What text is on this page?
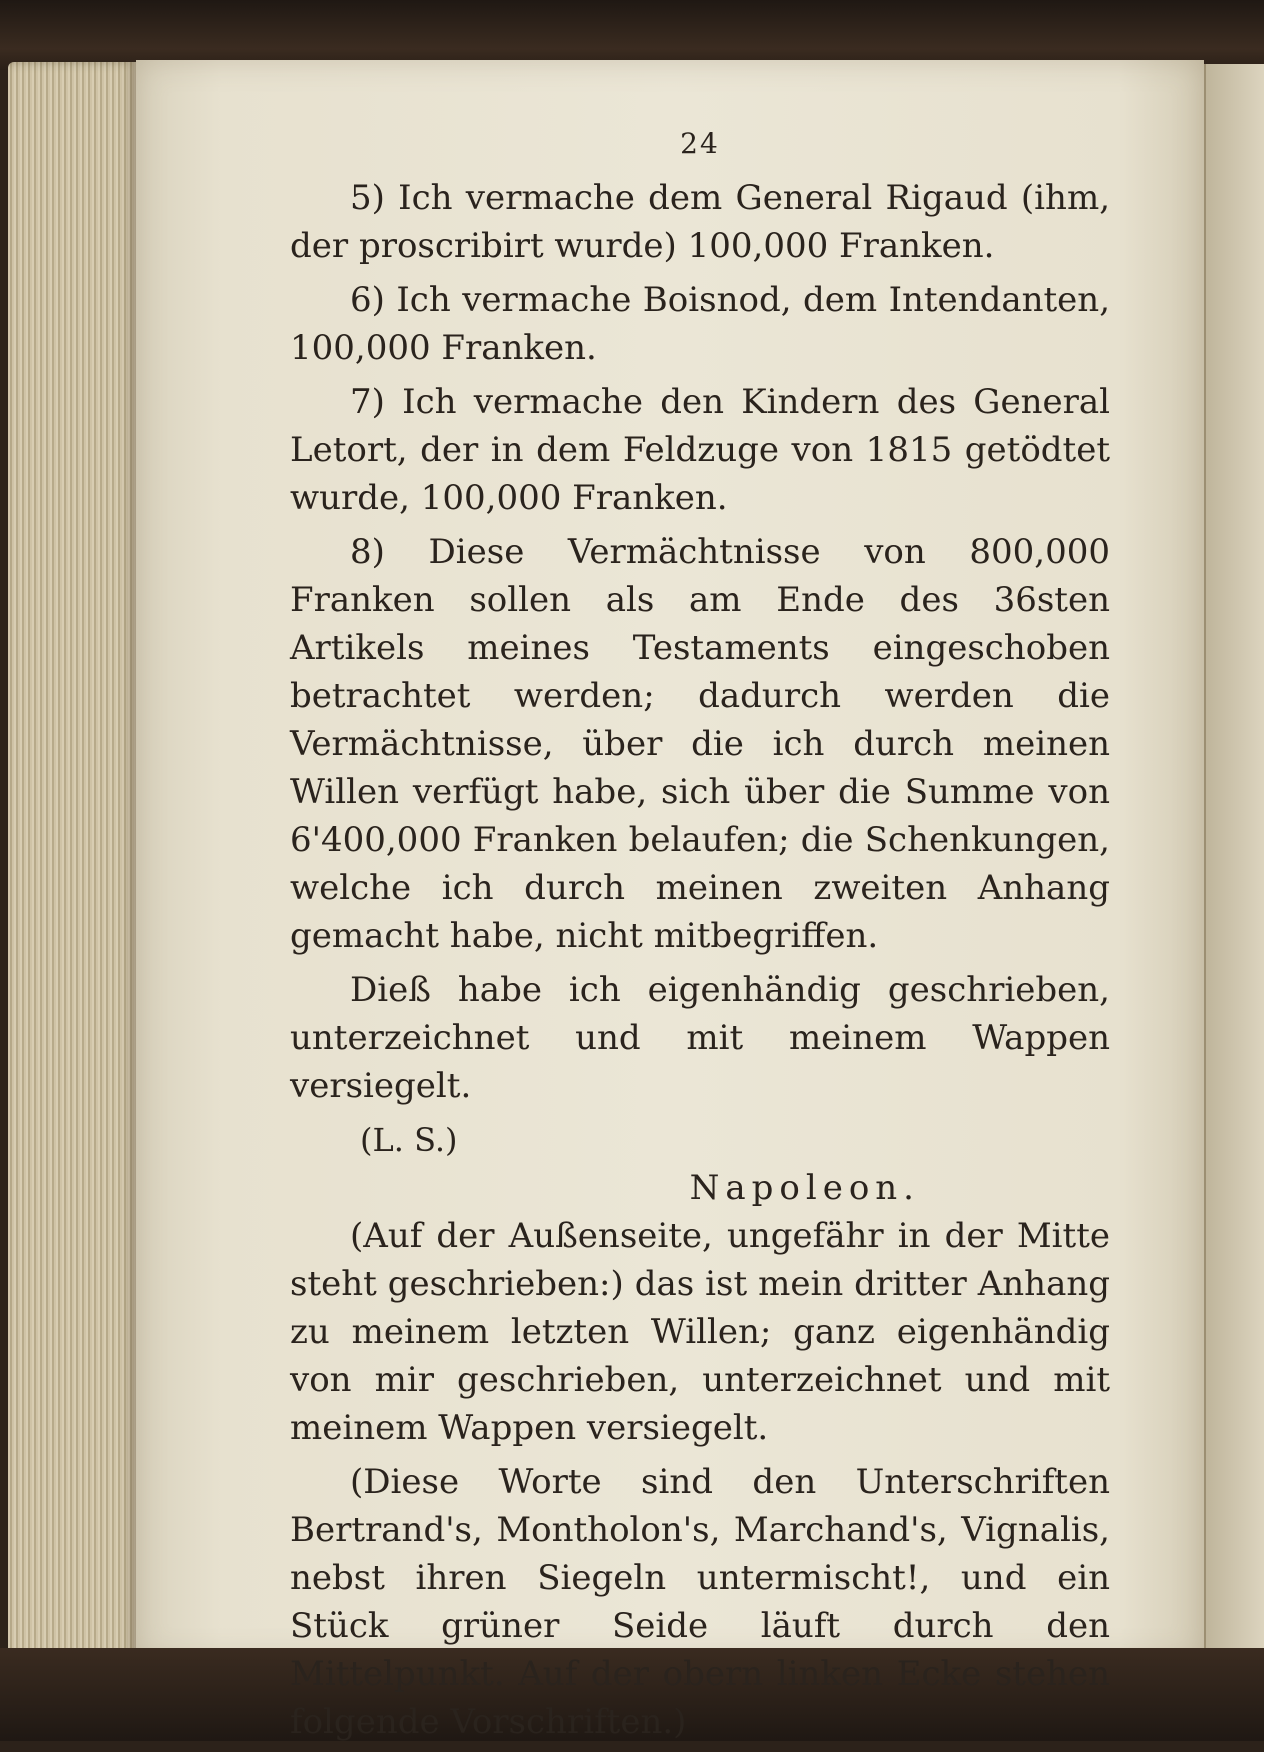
24

5) Ich vermache dem General Rigaud (ihm, der proscribirt wurde) 100,000 Franken.

6) Ich vermache Boisnod, dem Intendanten, 100,000 Franken.

7) Ich vermache den Kindern des General Letort, der in dem Feldzuge von 1815 getödtet wurde, 100,000 Franken.

8) Diese Vermächtnisse von 800,000 Franken sollen als am Ende des 36sten Artikels meines Testaments eingeschoben betrachtet werden; dadurch werden die Vermächtnisse, über die ich durch meinen Willen verfügt habe, sich über die Summe von 6'400,000 Franken belaufen; die Schenkungen, welche ich durch meinen zweiten Anhang gemacht habe, nicht mitbegriffen.

Dieß habe ich eigenhändig geschrieben, unterzeichnet und mit meinem Wappen versiegelt.

(L. S.)

Napoleon.

(Auf der Außenseite, ungefähr in der Mitte steht geschrieben:) das ist mein dritter Anhang zu meinem letzten Willen; ganz eigenhändig von mir geschrieben, unterzeichnet und mit meinem Wappen versiegelt.

(Diese Worte sind den Unterschriften Bertrand's, Montholon's, Marchand's, Vignalis, nebst ihren Siegeln untermischt!, und ein Stück grüner Seide läuft durch den Mittelpunkt. Auf der obern linken Ecke stehen folgende Vorschriften.)
